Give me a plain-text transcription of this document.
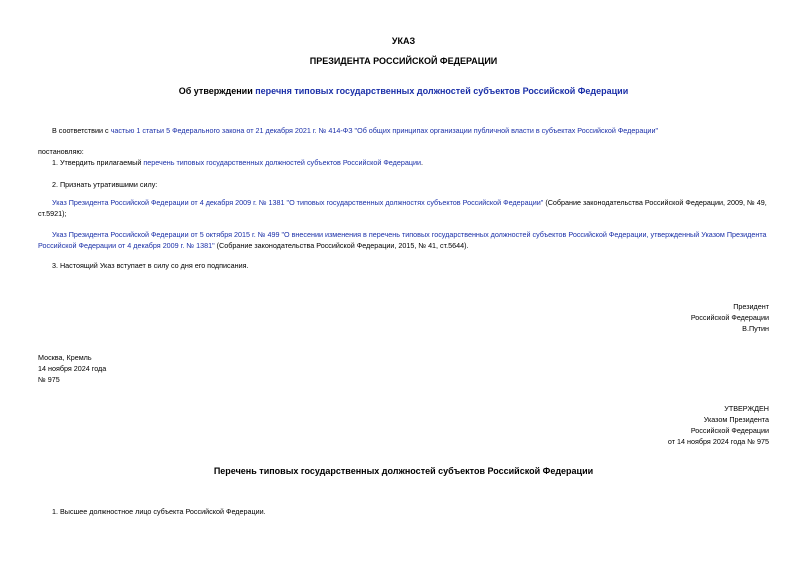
УКАЗ
ПРЕЗИДЕНТА РОССИЙСКОЙ ФЕДЕРАЦИИ
Об утверждении перечня типовых государственных должностей субъектов Российской Федерации
В соответствии с частью 1 статьи 5 Федерального закона от 21 декабря 2021 г. № 414-ФЗ "Об общих принципах организации публичной власти в субъектах Российской Федерации"
постановляю:
1. Утвердить прилагаемый перечень типовых государственных должностей субъектов Российской Федерации.
2. Признать утратившими силу:
Указ Президента Российской Федерации от 4 декабря 2009 г. № 1381 "О типовых государственных должностях субъектов Российской Федерации" (Собрание законодательства Российской Федерации, 2009, № 49, ст.5921);
Указ Президента Российской Федерации от 5 октября 2015 г. № 499 "О внесении изменения в перечень типовых государственных должностей субъектов Российской Федерации, утвержденный Указом Президента Российской Федерации от 4 декабря 2009 г. № 1381" (Собрание законодательства Российской Федерации, 2015, № 41, ст.5644).
3. Настоящий Указ вступает в силу со дня его подписания.
Президент
Российской Федерации
В.Путин
Москва, Кремль
14 ноября 2024 года
№ 975
УТВЕРЖДЕН
Указом Президента
Российской Федерации
от 14 ноября 2024 года № 975
Перечень типовых государственных должностей субъектов Российской Федерации
1. Высшее должностное лицо субъекта Российской Федерации.
